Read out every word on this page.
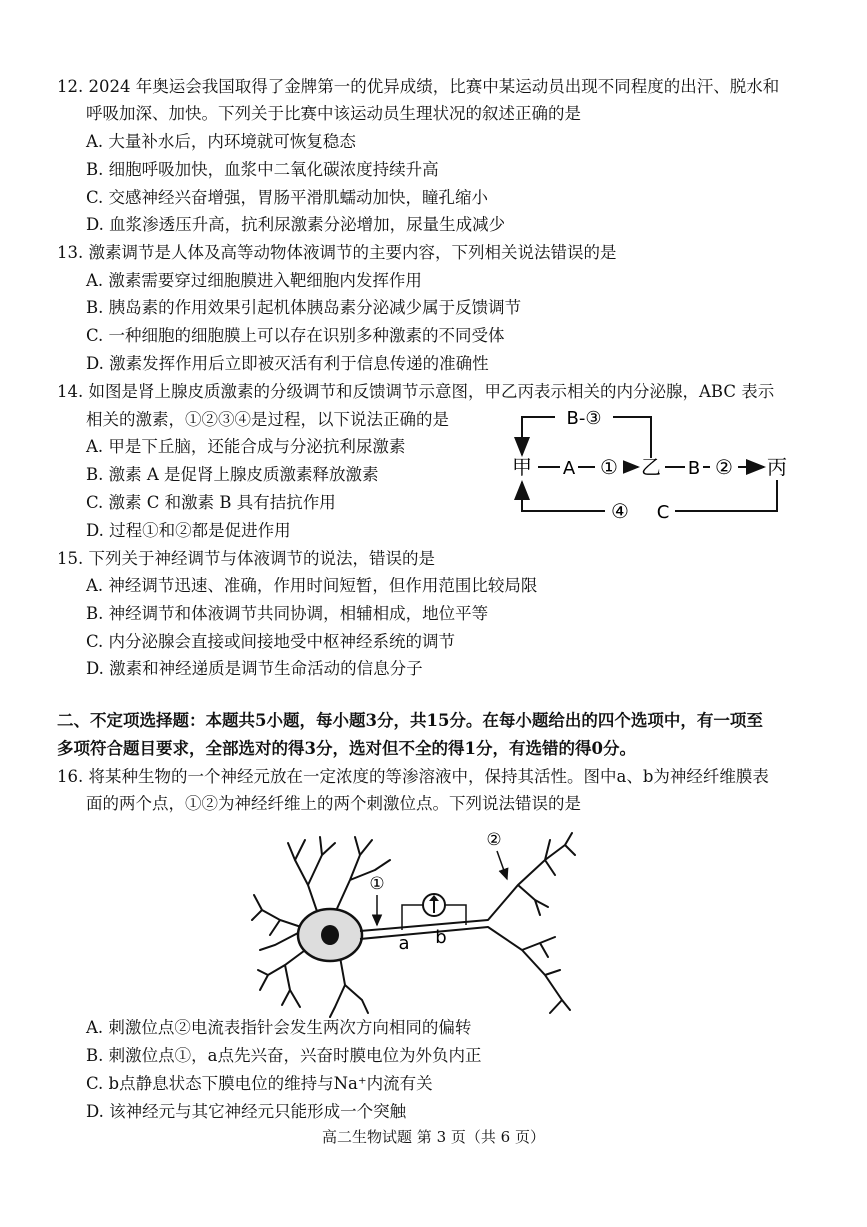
12. 2024 年奥运会我国取得了金牌第一的优异成绩，比赛中某运动员出现不同程度的出汗、脱水和
呼吸加深、加快。下列关于比赛中该运动员生理状况的叙述正确的是
A. 大量补水后，内环境就可恢复稳态
B. 细胞呼吸加快，血浆中二氧化碳浓度持续升高
C. 交感神经兴奋增强，胃肠平滑肌蠕动加快，瞳孔缩小
D. 血浆渗透压升高，抗利尿激素分泌增加，尿量生成减少
13. 激素调节是人体及高等动物体液调节的主要内容，下列相关说法错误的是
A. 激素需要穿过细胞膜进入靶细胞内发挥作用
B. 胰岛素的作用效果引起机体胰岛素分泌减少属于反馈调节
C. 一种细胞的细胞膜上可以存在识别多种激素的不同受体
D. 激素发挥作用后立即被灭活有利于信息传递的准确性
14. 如图是肾上腺皮质激素的分级调节和反馈调节示意图，甲乙丙表示相关的内分泌腺，ABC 表示
相关的激素，①②③④是过程，以下说法正确的是
A. 甲是下丘脑，还能合成与分泌抗利尿激素
B. 激素 A 是促肾上腺皮质激素释放激素
C. 激素 C 和激素 B 具有拮抗作用
D. 过程①和②都是促进作用
B-③
甲 A ① 乙 B ② 丙
④ C
15. 下列关于神经调节与体液调节的说法，错误的是
A. 神经调节迅速、准确，作用时间短暂，但作用范围比较局限
B. 神经调节和体液调节共同协调，相辅相成，地位平等
C. 内分泌腺会直接或间接地受中枢神经系统的调节
D. 激素和神经递质是调节生命活动的信息分子
二、不定项选择题：本题共5小题，每小题3分，共15分。在每小题给出的四个选项中，有一项至
多项符合题目要求，全部选对的得3分，选对但不全的得1分，有选错的得0分。
16. 将某种生物的一个神经元放在一定浓度的等渗溶液中，保持其活性。图中a、b为神经纤维膜表
面的两个点，①②为神经纤维上的两个刺激位点。下列说法错误的是
①
②
a b
A. 刺激位点②电流表指针会发生两次方向相同的偏转
B. 刺激位点①，a点先兴奋，兴奋时膜电位为外负内正
C. b点静息状态下膜电位的维持与Na⁺内流有关
D. 该神经元与其它神经元只能形成一个突触
高二生物试题 第 3 页（共 6 页）
